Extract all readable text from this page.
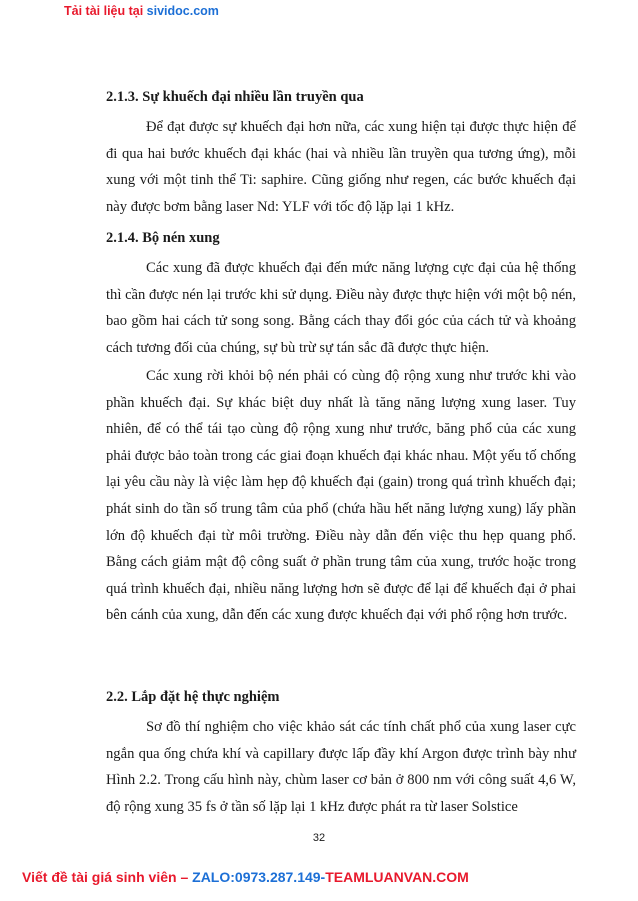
Tải tài liệu tại sividoc.com
2.1.3. Sự khuếch đại nhiều lần truyền qua

Để đạt được sự khuếch đại hơn nữa, các xung hiện tại được thực hiện để đi qua hai bước khuếch đại khác (hai và nhiều lần truyền qua tương ứng), mỗi xung với một tinh thể Ti: saphire. Cũng giống như regen, các bước khuếch đại này được bơm bằng laser Nd: YLF với tốc độ lặp lại 1 kHz.

2.1.4. Bộ nén xung

Các xung đã được khuếch đại đến mức năng lượng cực đại của hệ thống thì cần được nén lại trước khi sử dụng. Điều này được thực hiện với một bộ nén, bao gồm hai cách tử song song. Bằng cách thay đổi góc của cách tử và khoảng cách tương đối của chúng, sự bù trừ sự tán sắc đã được thực hiện.

Các xung rời khỏi bộ nén phải có cùng độ rộng xung như trước khi vào phần khuếch đại. Sự khác biệt duy nhất là tăng năng lượng xung laser. Tuy nhiên, để có thể tái tạo cùng độ rộng xung như trước, băng phổ của các xung phải được bảo toàn trong các giai đoạn khuếch đại khác nhau. Một yếu tố chống lại yêu cầu này là việc làm hẹp độ khuếch đại (gain) trong quá trình khuếch đại; phát sinh do tần số trung tâm của phổ (chứa hầu hết năng lượng xung) lấy phần lớn độ khuếch đại từ môi trường. Điều này dẫn đến việc thu hẹp quang phổ. Bằng cách giảm mật độ công suất ở phần trung tâm của xung, trước hoặc trong quá trình khuếch đại, nhiều năng lượng hơn sẽ được để lại để khuếch đại ở phai bên cánh của xung, dẫn đến các xung được khuếch đại với phổ rộng hơn trước.

2.2. Lắp đặt hệ thực nghiệm

Sơ đồ thí nghiệm cho việc khảo sát các tính chất phổ của xung laser cực ngắn qua ống chứa khí và capillary được lấp đầy khí Argon được trình bày như Hình 2.2. Trong cấu hình này, chùm laser cơ bản ở 800 nm với công suất 4,6 W, độ rộng xung 35 fs ở tần số lặp lại 1 kHz được phát ra từ laser Solstice

32
Viết đề tài giá sinh viên – ZALO:0973.287.149-TEAMLUANVAN.COM
